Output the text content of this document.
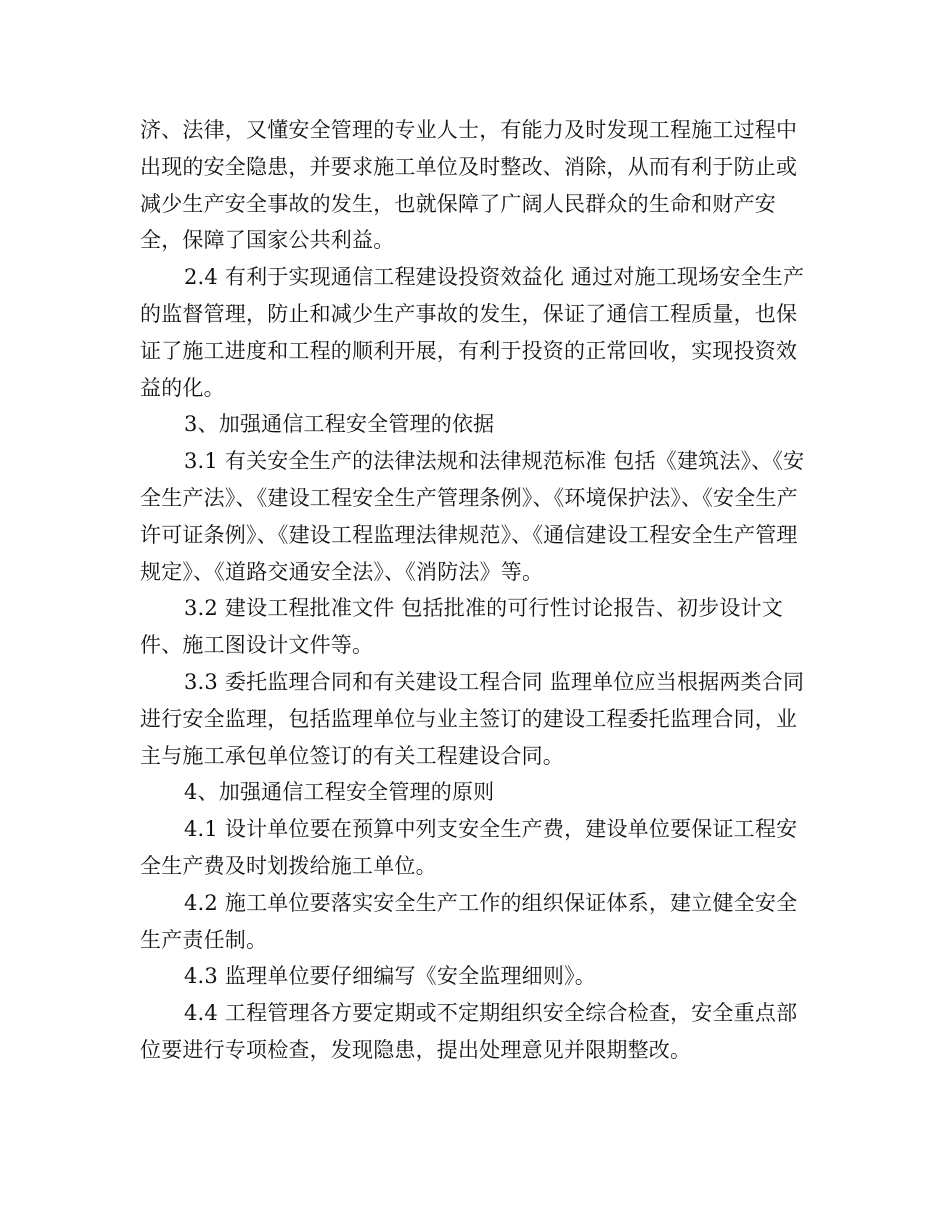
济、法律，又懂安全管理的专业人士，有能力及时发现工程施工过程中出现的安全隐患，并要求施工单位及时整改、消除，从而有利于防止或减少生产安全事故的发生，也就保障了广阔人民群众的生命和财产安全，保障了国家公共利益。

2.4 有利于实现通信工程建设投资效益化 通过对施工现场安全生产的监督管理，防止和减少生产事故的发生，保证了通信工程质量，也保证了施工进度和工程的顺利开展，有利于投资的正常回收，实现投资效益的化。

3、加强通信工程安全管理的依据

3.1 有关安全生产的法律法规和法律规范标准 包括《建筑法》、《安全生产法》、《建设工程安全生产管理条例》、《环境保护法》、《安全生产许可证条例》、《建设工程监理法律规范》、《通信建设工程安全生产管理规定》、《道路交通安全法》、《消防法》等。

3.2 建设工程批准文件 包括批准的可行性讨论报告、初步设计文件、施工图设计文件等。

3.3 委托监理合同和有关建设工程合同 监理单位应当根据两类合同进行安全监理，包括监理单位与业主签订的建设工程委托监理合同，业主与施工承包单位签订的有关工程建设合同。

4、加强通信工程安全管理的原则

4.1 设计单位要在预算中列支安全生产费，建设单位要保证工程安全生产费及时划拨给施工单位。

4.2 施工单位要落实安全生产工作的组织保证体系，建立健全安全生产责任制。

4.3 监理单位要仔细编写《安全监理细则》。

4.4 工程管理各方要定期或不定期组织安全综合检查，安全重点部位要进行专项检查，发现隐患，提出处理意见并限期整改。
